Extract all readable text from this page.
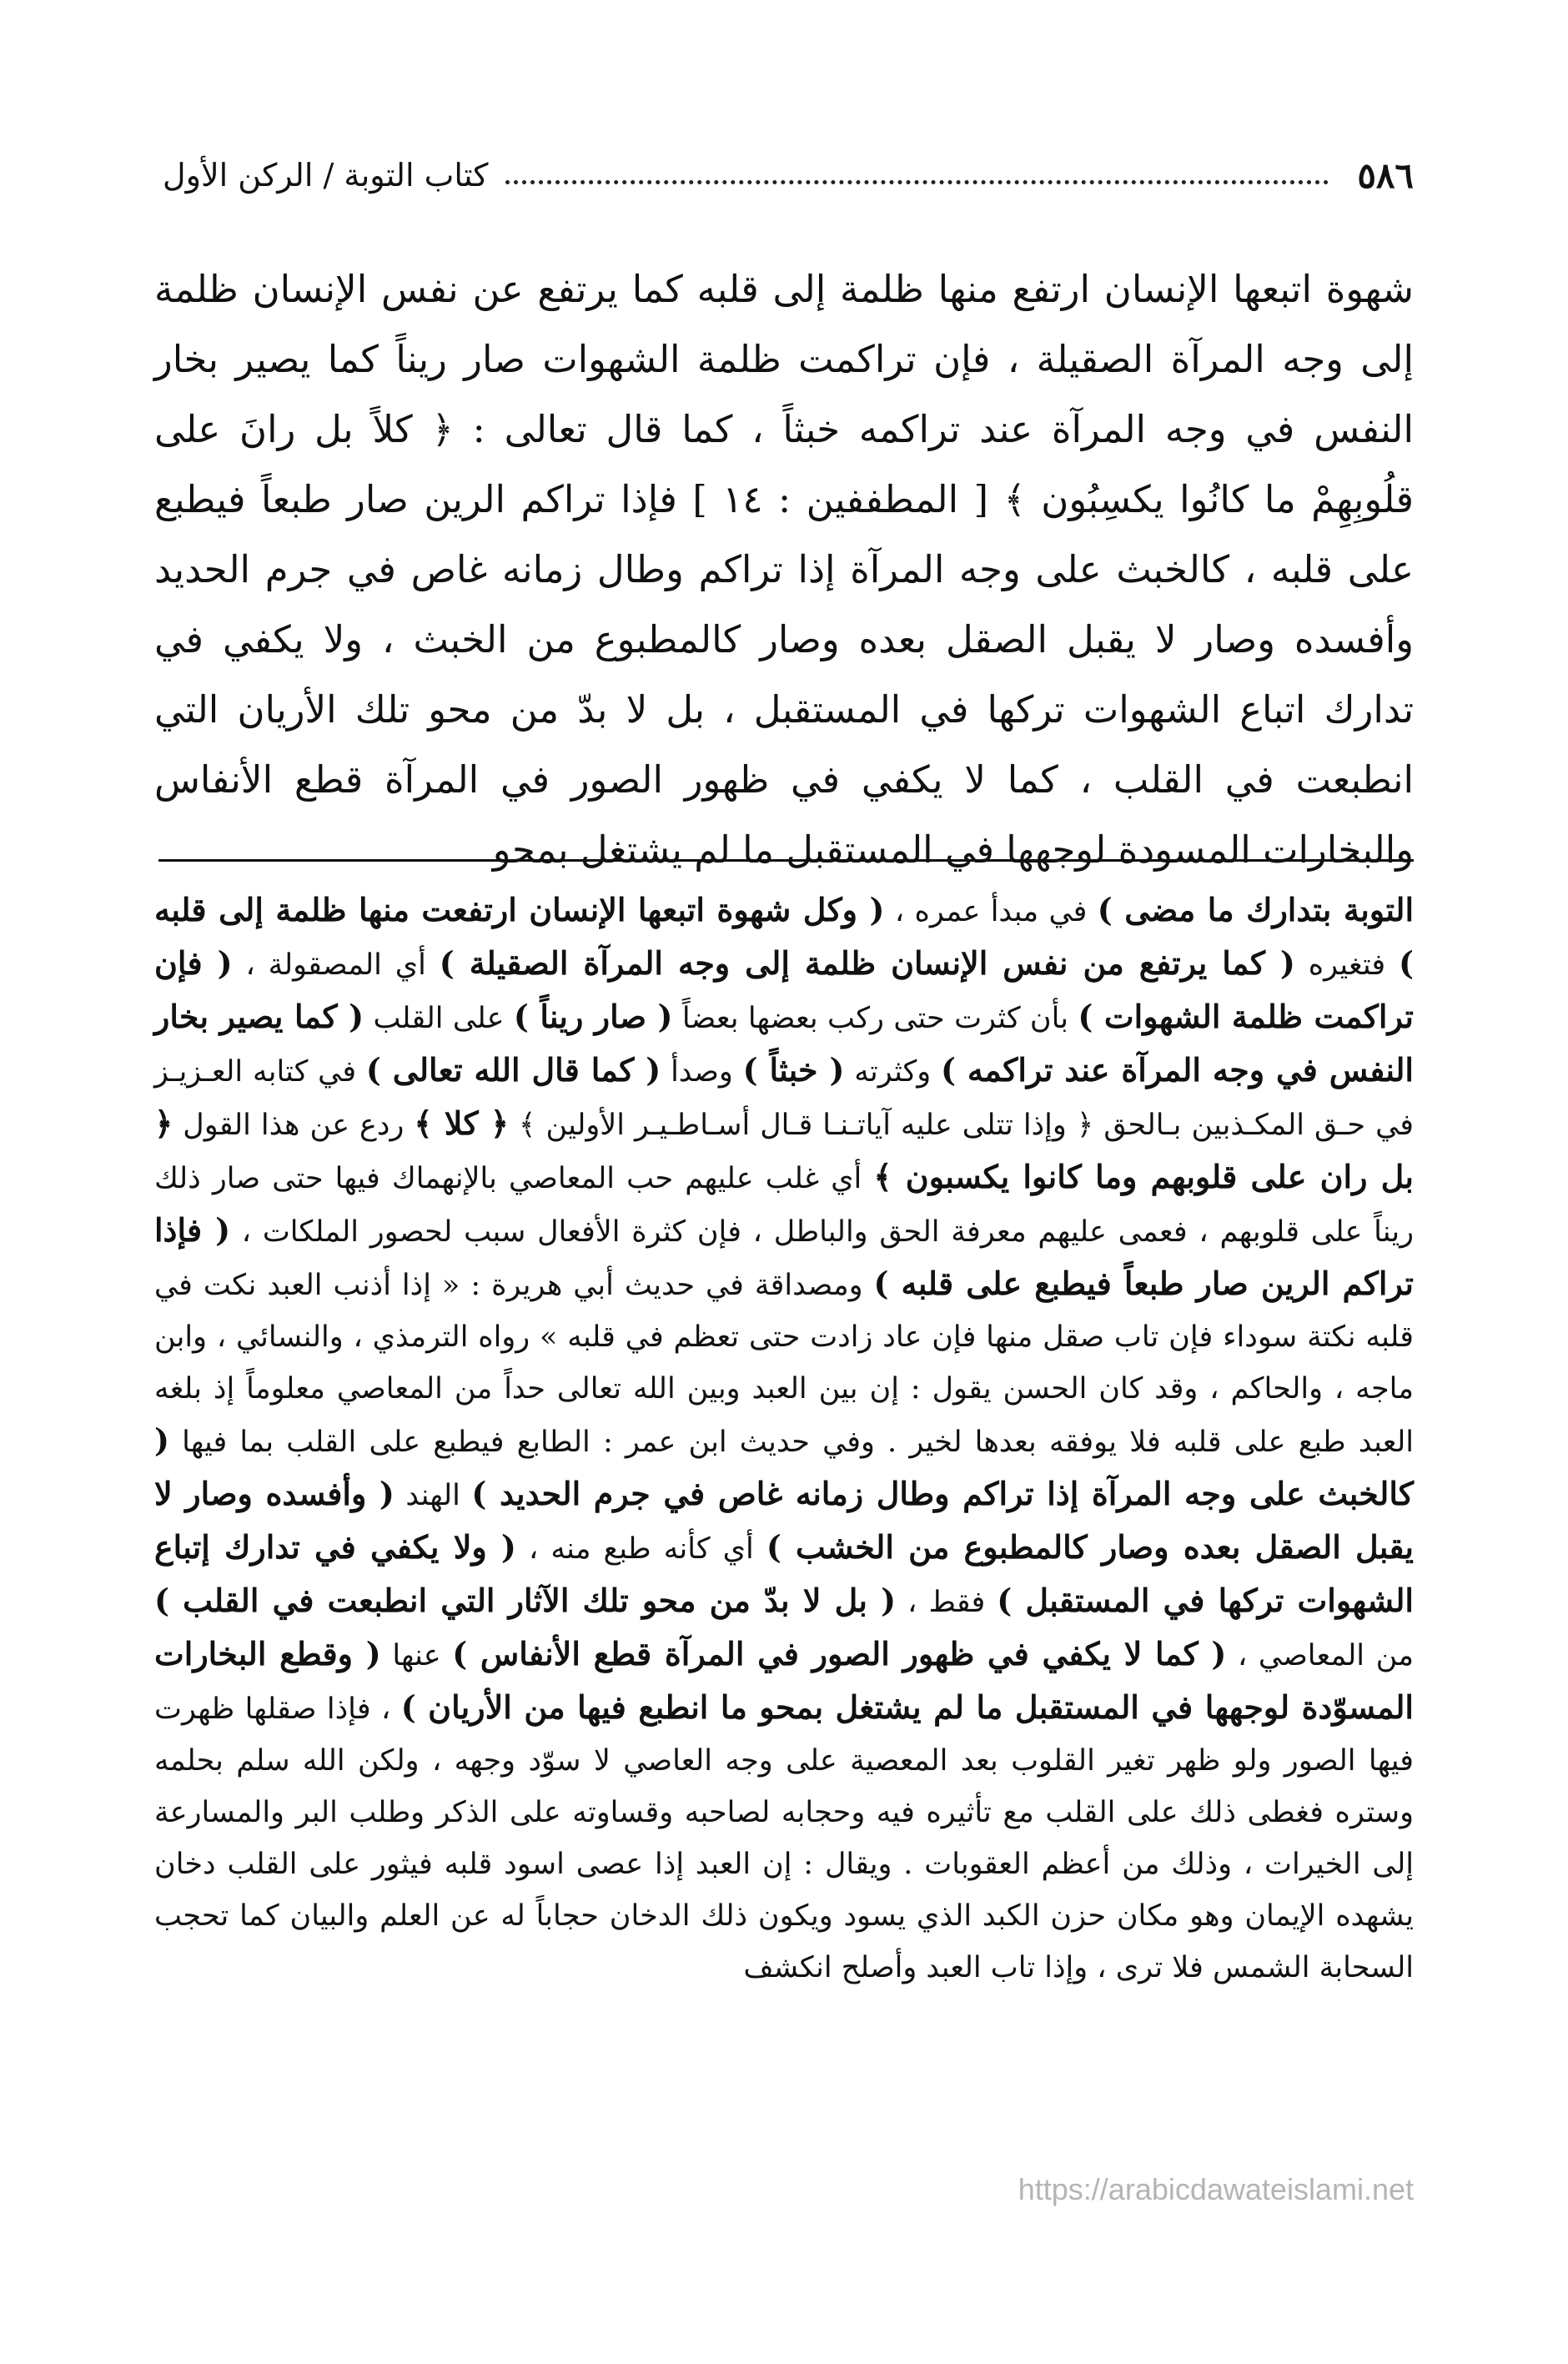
٥٨٦
كتاب التوبة / الركن الأول

شهوة اتبعها الإنسان ارتفع منها ظلمة إلى قلبه كما يرتفع عن نفس الإنسان ظلمة إلى وجه المرآة الصقيلة ، فإن تراكمت ظلمة الشهوات صار ريناً كما يصير بخار النفس في وجه المرآة عند تراكمه خبثاً ، كما قال تعالى : ﴿ كلاً بل رانَ على قلُوبِهِمْ ما كانُوا يكسِبُون ﴾ [ المطففين : ١٤ ] فإذا تراكم الرين صار طبعاً فيطبع على قلبه ، كالخبث على وجه المرآة إذا تراكم وطال زمانه غاص في جرم الحديد وأفسده وصار لا يقبل الصقل بعده وصار كالمطبوع من الخبث ، ولا يكفي في تدارك اتباع الشهوات تركها في المستقبل ، بل لا بدّ من محو تلك الأريان التي انطبعت في القلب ، كما لا يكفي في ظهور الصور في المرآة قطع الأنفاس والبخارات المسودة لوجهها في المستقبل ما لم يشتغل بمحو

التوبة بتدارك ما مضى ) في مبدأ عمره ، ( وكل شهوة اتبعها الإنسان ارتفعت منها ظلمة إلى قلبه ) فتغيره ( كما يرتفع من نفس الإنسان ظلمة إلى وجه المرآة الصقيلة ) أي المصقولة ، ( فإن تراكمت ظلمة الشهوات ) بأن كثرت حتى ركب بعضها بعضاً ( صار ريناً ) على القلب ( كما يصير بخار النفس في وجه المرآة عند تراكمه ) وكثرته ( خبثاً ) وصدأ ( كما قال الله تعالى ) في كتابه العـزيـز في حـق المكـذبين بـالحق ﴿ وإذا تتلى عليه آياتـنـا قـال أسـاطـيـر الأولين ﴾ ﴿ كلا ﴾ ردع عن هذا القول ﴿ بل ران على قلوبهم وما كانوا يكسبون ﴾ أي غلب عليهم حب المعاصي بالإنهماك فيها حتى صار ذلك ريناً على قلوبهم ، فعمى عليهم معرفة الحق والباطل ، فإن كثرة الأفعال سبب لحصور الملكات ، ( فإذا تراكم الرين صار طبعاً فيطبع على قلبه ) ومصداقة في حديث أبي هريرة : « إذا أذنب العبد نكت في قلبه نكتة سوداء فإن تاب صقل منها فإن عاد زادت حتى تعظم في قلبه » رواه الترمذي ، والنسائي ، وابن ماجه ، والحاكم ، وقد كان الحسن يقول : إن بين العبد وبين الله تعالى حداً من المعاصي معلوماً إذ بلغه العبد طبع على قلبه فلا يوفقه بعدها لخير . وفي حديث ابن عمر : الطابع فيطبع على القلب بما فيها ( كالخبث على وجه المرآة إذا تراكم وطال زمانه غاص في جرم الحديد ) الهند ( وأفسده وصار لا يقبل الصقل بعده وصار كالمطبوع من الخشب ) أي كأنه طبع منه ، ( ولا يكفي في تدارك إتباع الشهوات تركها في المستقبل ) فقط ، ( بل لا بدّ من محو تلك الآثار التي انطبعت في القلب ) من المعاصي ، ( كما لا يكفي في ظهور الصور في المرآة قطع الأنفاس ) عنها ( وقطع البخارات المسوّدة لوجهها في المستقبل ما لم يشتغل بمحو ما انطبع فيها من الأريان ) ، فإذا صقلها ظهرت فيها الصور ولو ظهر تغير القلوب بعد المعصية على وجه العاصي لا سوّد وجهه ، ولكن الله سلم بحلمه وستره فغطى ذلك على القلب مع تأثيره فيه وحجابه لصاحبه وقساوته على الذكر وطلب البر والمسارعة إلى الخيرات ، وذلك من أعظم العقوبات . ويقال : إن العبد إذا عصى اسود قلبه فيثور على القلب دخان يشهده الإيمان وهو مكان حزن الكبد الذي يسود ويكون ذلك الدخان حجاباً له عن العلم والبيان كما تحجب السحابة الشمس فلا ترى ، وإذا تاب العبد وأصلح انكشف

https://arabicdawateislami.net
